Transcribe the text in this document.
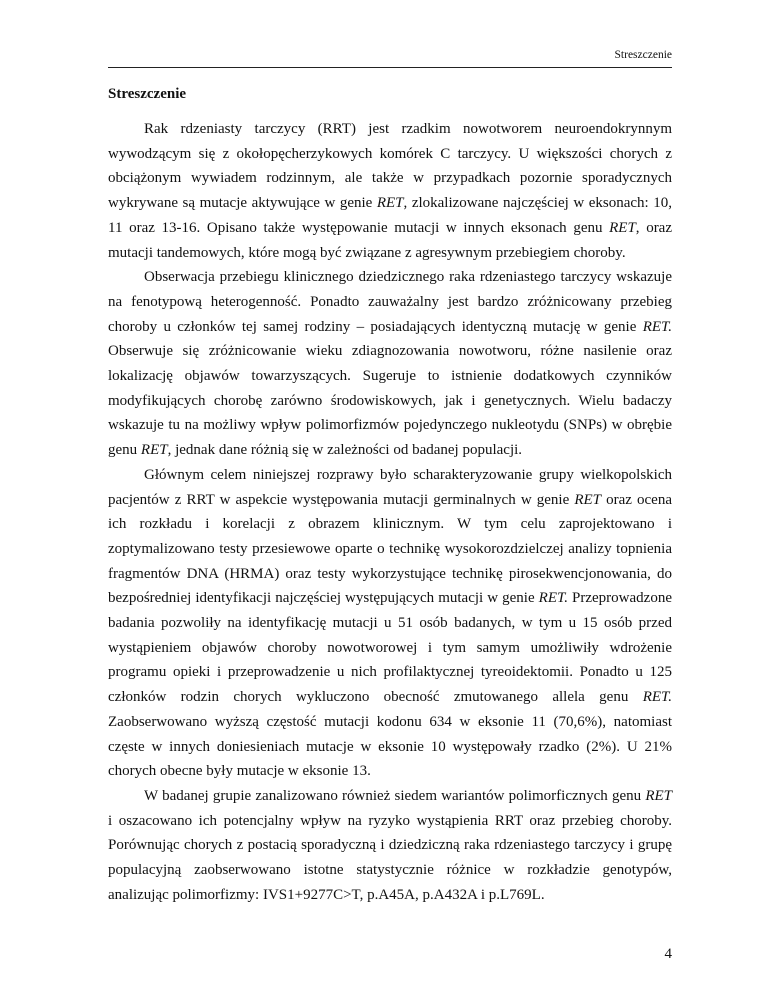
Streszczenie
Streszczenie

Rak rdzeniasty tarczycy (RRT) jest rzadkim nowotworem neuroendokrynnym wywodzącym się z okołopęcherzykowych komórek C tarczycy. U większości chorych z obciążonym wywiadem rodzinnym, ale także w przypadkach pozornie sporadycznych wykrywane są mutacje aktywujące w genie RET, zlokalizowane najczęściej w eksonach: 10, 11 oraz 13-16. Opisano także występowanie mutacji w innych eksonach genu RET, oraz mutacji tandemowych, które mogą być związane z agresywnym przebiegiem choroby.

Obserwacja przebiegu klinicznego dziedzicznego raka rdzeniastego tarczycy wskazuje na fenotypową heterogenność. Ponadto zauważalny jest bardzo zróżnicowany przebieg choroby u członków tej samej rodziny – posiadających identyczną mutację w genie RET. Obserwuje się zróżnicowanie wieku zdiagnozowania nowotworu, różne nasilenie oraz lokalizację objawów towarzyszących. Sugeruje to istnienie dodatkowych czynników modyfikujących chorobę zarówno środowiskowych, jak i genetycznych. Wielu badaczy wskazuje tu na możliwy wpływ polimorfizmów pojedynczego nukleotydu (SNPs) w obrębie genu RET, jednak dane różnią się w zależności od badanej populacji.

Głównym celem niniejszej rozprawy było scharakteryzowanie grupy wielkopolskich pacjentów z RRT w aspekcie występowania mutacji germinalnych w genie RET oraz ocena ich rozkładu i korelacji z obrazem klinicznym. W tym celu zaprojektowano i zoptymalizowano testy przesiewowe oparte o technikę wysokorozdzielczej analizy topnienia fragmentów DNA (HRMA) oraz testy wykorzystujące technikę pirosekwencjonowania, do bezpośredniej identyfikacji najczęściej występujących mutacji w genie RET. Przeprowadzone badania pozwoliły na identyfikację mutacji u 51 osób badanych, w tym u 15 osób przed wystąpieniem objawów choroby nowotworowej i tym samym umożliwiły wdrożenie programu opieki i przeprowadzenie u nich profilaktycznej tyreoidektomii. Ponadto u 125 członków rodzin chorych wykluczono obecność zmutowanego allela genu RET. Zaobserwowano wyższą częstość mutacji kodonu 634 w eksonie 11 (70,6%), natomiast częste w innych doniesieniach mutacje w eksonie 10 występowały rzadko (2%). U 21% chorych obecne były mutacje w eksonie 13.

W badanej grupie zanalizowano również siedem wariantów polimorficznych genu RET i oszacowano ich potencjalny wpływ na ryzyko wystąpienia RRT oraz przebieg choroby. Porównując chorych z postacią sporadyczną i dziedziczną raka rdzeniastego tarczycy i grupę populacyjną zaobserwowano istotne statystycznie różnice w rozkładzie genotypów, analizując polimorfizmy: IVS1+9277C>T, p.A45A, p.A432A i p.L769L.

4
